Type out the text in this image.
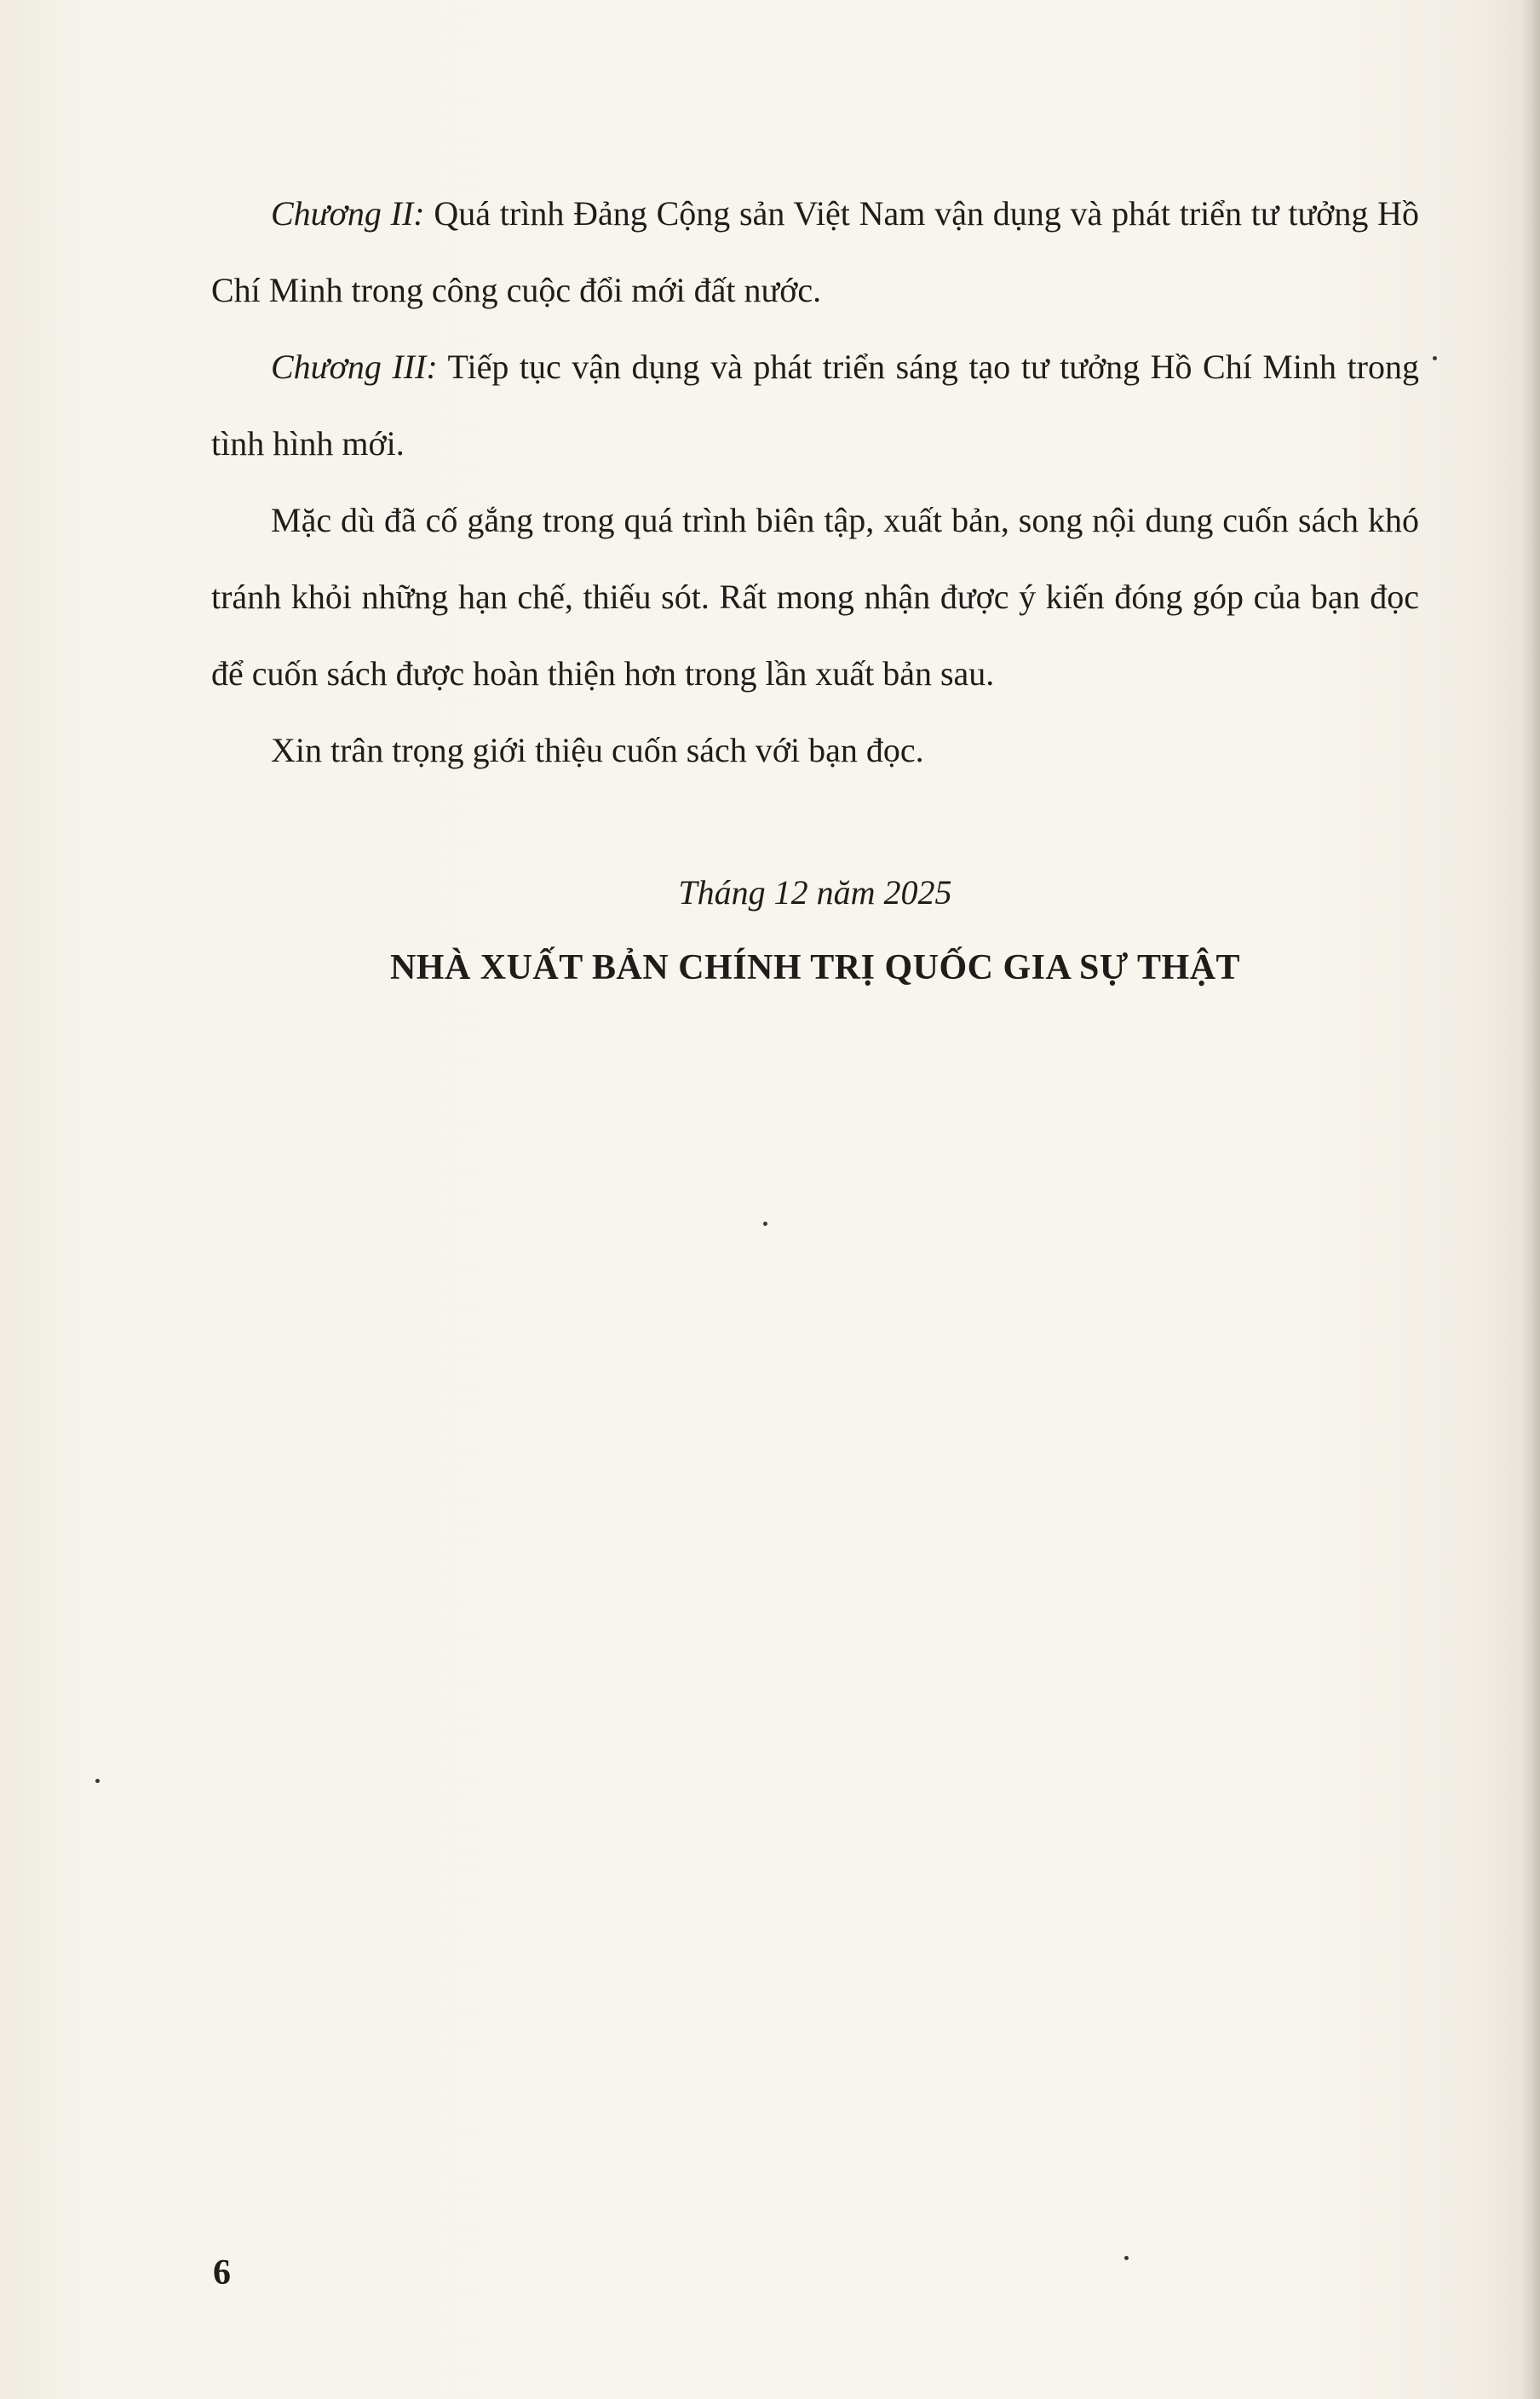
Chương II: Quá trình Đảng Cộng sản Việt Nam vận dụng và phát triển tư tưởng Hồ Chí Minh trong công cuộc đổi mới đất nước.

Chương III: Tiếp tục vận dụng và phát triển sáng tạo tư tưởng Hồ Chí Minh trong tình hình mới.

Mặc dù đã cố gắng trong quá trình biên tập, xuất bản, song nội dung cuốn sách khó tránh khỏi những hạn chế, thiếu sót. Rất mong nhận được ý kiến đóng góp của bạn đọc để cuốn sách được hoàn thiện hơn trong lần xuất bản sau.

Xin trân trọng giới thiệu cuốn sách với bạn đọc.

Tháng 12 năm 2025
NHÀ XUẤT BẢN CHÍNH TRỊ QUỐC GIA SỰ THẬT
6
